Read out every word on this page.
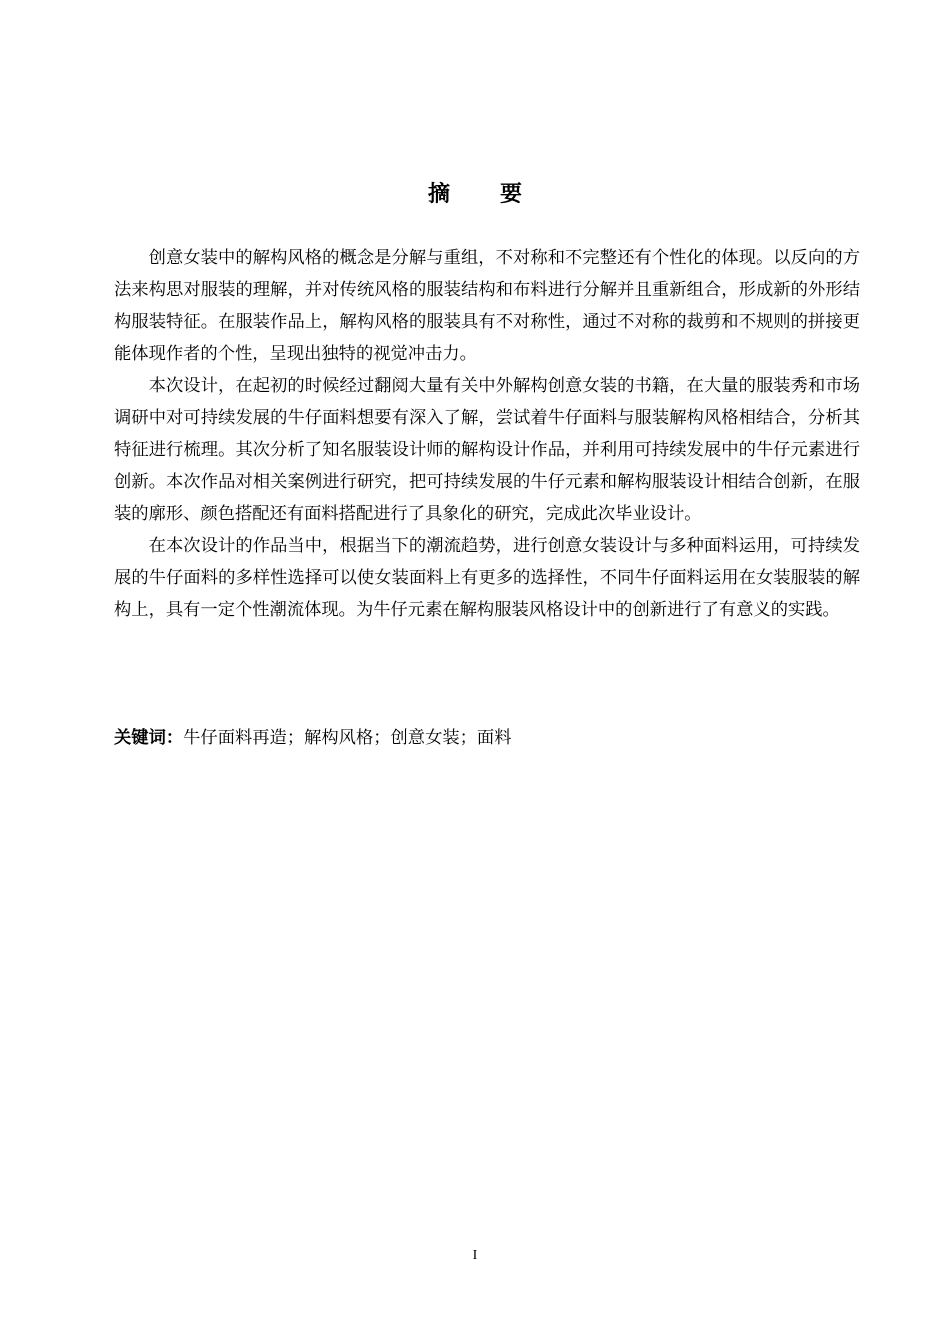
摘 要

创意女装中的解构风格的概念是分解与重组，不对称和不完整还有个性化的体现。以反向的方法来构思对服装的理解，并对传统风格的服装结构和布料进行分解并且重新组合，形成新的外形结构服装特征。在服装作品上，解构风格的服装具有不对称性，通过不对称的裁剪和不规则的拼接更能体现作者的个性，呈现出独特的视觉冲击力。

本次设计，在起初的时候经过翻阅大量有关中外解构创意女装的书籍，在大量的服装秀和市场调研中对可持续发展的牛仔面料想要有深入了解，尝试着牛仔面料与服装解构风格相结合，分析其特征进行梳理。其次分析了知名服装设计师的解构设计作品，并利用可持续发展中的牛仔元素进行创新。本次作品对相关案例进行研究，把可持续发展的牛仔元素和解构服装设计相结合创新，在服装的廓形、颜色搭配还有面料搭配进行了具象化的研究，完成此次毕业设计。

在本次设计的作品当中，根据当下的潮流趋势，进行创意女装设计与多种面料运用，可持续发展的牛仔面料的多样性选择可以使女装面料上有更多的选择性，不同牛仔面料运用在女装服装的解构上，具有一定个性潮流体现。为牛仔元素在解构服装风格设计中的创新进行了有意义的实践。

关键词：牛仔面料再造；解构风格；创意女装；面料
I
